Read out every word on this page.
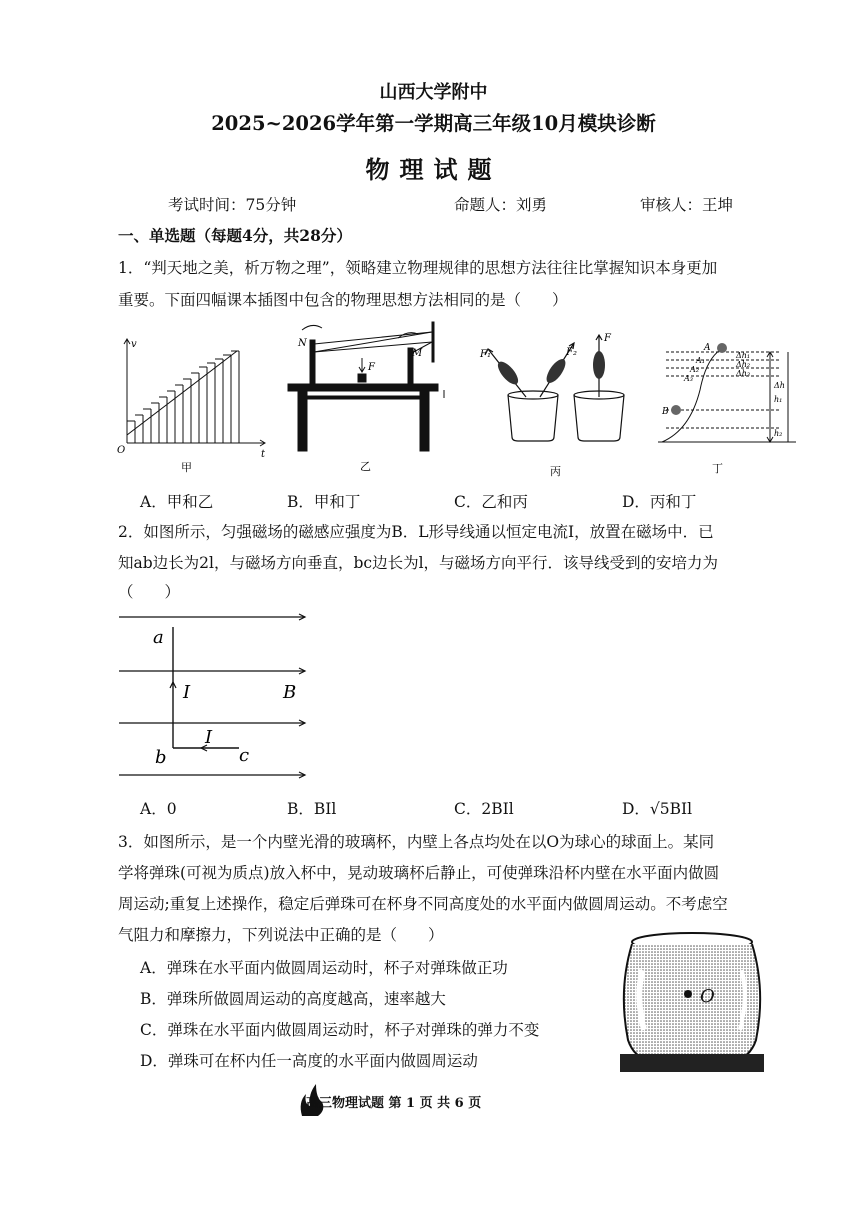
山西大学附中
2025~2026学年第一学期高三年级10月模块诊断
物理试题
考试时间：75分钟	命题人：刘勇	审核人：王坤
一、单选题（每题4分，共28分）
1．“判天地之美，析万物之理”，领略建立物理规律的思想方法往往比掌握知识本身更加
重要。下面四幅课本插图中包含的物理思想方法相同的是（　　）
v
t
O
甲
N
M
F
乙
F₁	F₂
F
丙
A
A₁
A₂
A₃
B
Δh₁
Δh₂
Δh₃
Δh
h₁
h₂
丁
A．甲和乙	B．甲和丁	C．乙和丙	D．丙和丁
2．如图所示，匀强磁场的磁感应强度为B．L形导线通以恒定电流I，放置在磁场中．已
知ab边长为2l，与磁场方向垂直，bc边长为l，与磁场方向平行．该导线受到的安培力为
（　　）
a
b	c
I
I
B
A．0	B．BIl	C．2BIl	D．√5BIl
3．如图所示，是一个内壁光滑的玻璃杯，内壁上各点均处在以O为球心的球面上。某同
学将弹珠(可视为质点)放入杯中，晃动玻璃杯后静止，可使弹珠沿杯内壁在水平面内做圆
周运动;重复上述操作，稳定后弹珠可在杯身不同高度处的水平面内做圆周运动。不考虑空
气阻力和摩擦力，下列说法中正确的是（　　）
A．弹珠在水平面内做圆周运动时，杯子对弹珠做正功
B．弹珠所做圆周运动的高度越高，速率越大
C．弹珠在水平面内做圆周运动时，杯子对弹珠的弹力不变
D．弹珠可在杯内任一高度的水平面内做圆周运动
O
高三物理试题 第 1 页 共 6 页
